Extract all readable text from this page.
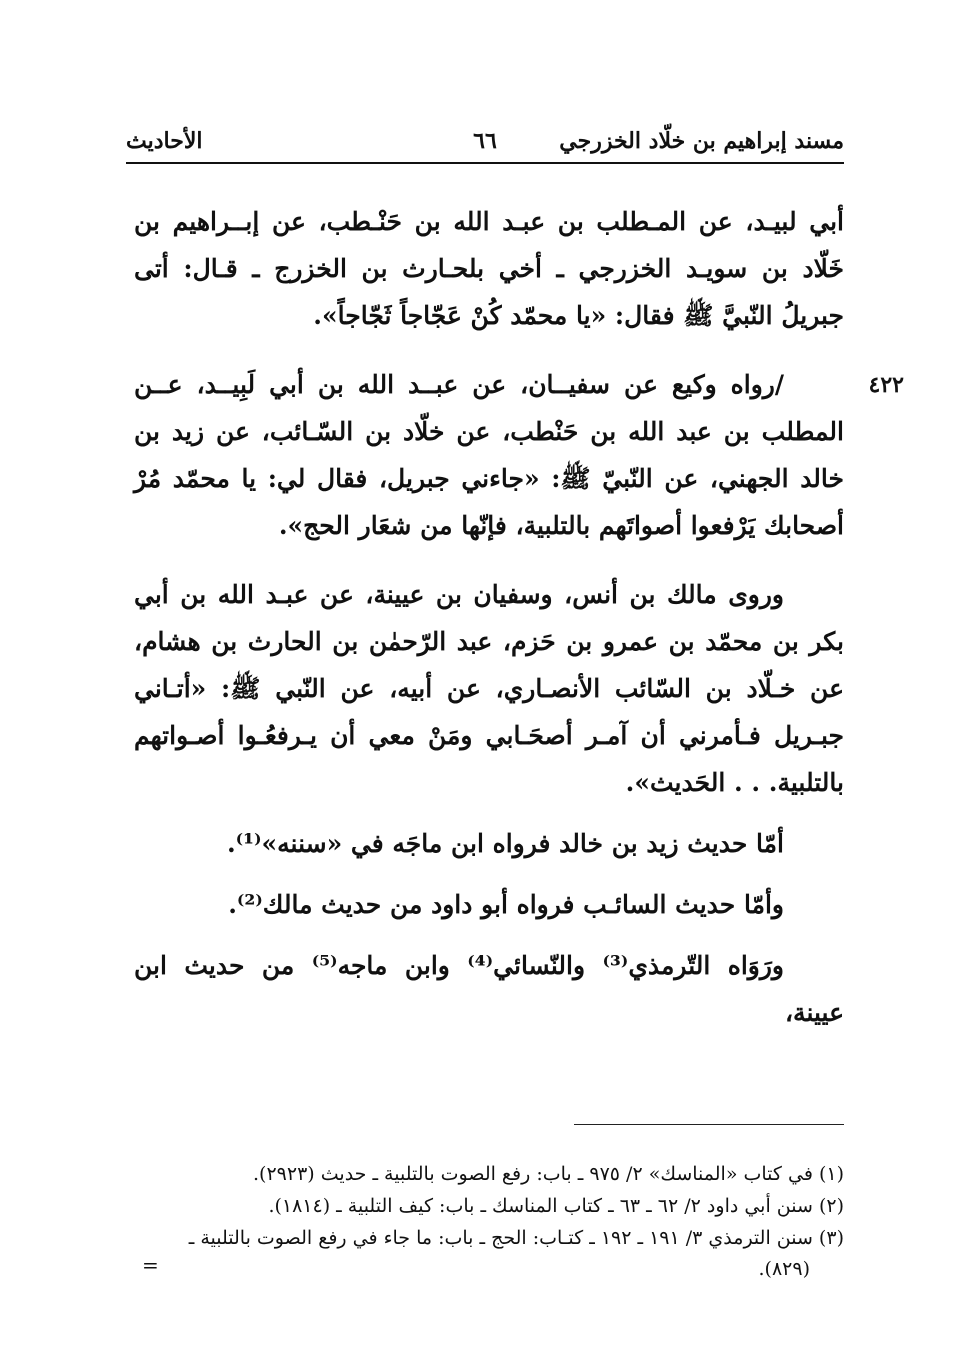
مسند إبراهيم بن خلّاد الخزرجي
٦٦
الأحاديث
٤٢٢

أبي لبيـد، عن المـطلب بن عبـد الله بن حَنْـطب، عن إبــراهيم بن خَلّاد بن سويـد الخزرجي ـ أخي بلحـارث بن الخزرج ـ قـال: أتى جبريلُ النّبيَّ ﷺ فقال: «يا محمّد كُنْ عَجّاجاً ثَجّاجاً».

/رواه وكيع عن سفيــان، عن عبــد الله بن أبي لَبِيــد، عــن المطلب بن عبد الله بن حَنْطب، عن خلّاد بن السّـائب، عن زيد بن خالد الجهني، عن النّبيّ ﷺ: «جاءني جبريل، فقال لي: يا محمّد مُرْ أصحابك يَرْفعوا أصواتَهم بالتلبية، فإنّها من شعَار الحج».

وروى مالك بن أنس، وسفيان بن عيينة، عن عبـد الله بن أبي بكر بن محمّد بن عمرو بن حَزم، عبد الرّحمٰن بن الحارث بن هشام، عن خـلّاد بن السّائب الأنصـاري، عن أبيه، عن النّبي ﷺ: «أتـاني جبـريل فـأمرني أن آمـر أصحَـابي ومَنْ معي أن يـرفعُـوا أصـواتهم بالتلبية. . . الحَديث».

أمّا حديث زيد بن خالد فرواه ابن ماجَه في «سننه»⁽¹⁾.

وأمّا حديث السائـب فرواه أبو داود من حديث مالك⁽²⁾.

ورَوَاه التّرمذي⁽³⁾ والنّسائي⁽⁴⁾ وابن ماجه⁽⁵⁾ من حديث ابن عيينة،

(١) في كتاب «المناسك» ٢/ ٩٧٥ ـ باب: رفع الصوت بالتلبية ـ حديث (٢٩٢٣).

(٢) سنن أبي داود ٢/ ٦٢ ـ ٦٣ ـ كتاب المناسك ـ باب: كيف التلبية ـ (١٨١٤).

(٣) سنن الترمذي ٣/ ١٩١ ـ ١٩٢ ـ كتـاب: الحج ـ باب: ما جاء في رفع الصوت بالتلبية ـ

(٨٢٩).
=
